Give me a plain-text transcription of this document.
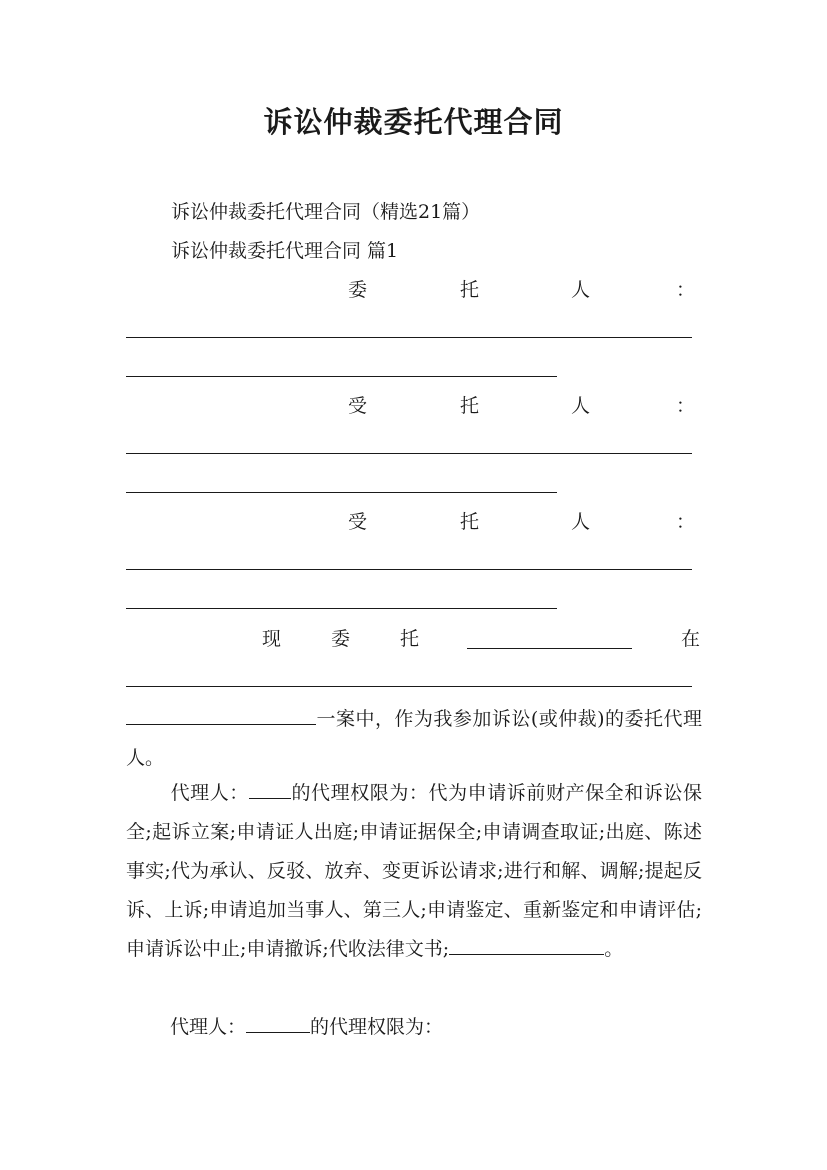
诉讼仲裁委托代理合同
诉讼仲裁委托代理合同（精选21篇）
诉讼仲裁委托代理合同 篇1
委	托	人	：
受	托	人	：
受	托	人	：
现	委	托	在

一案中，作为我参加诉讼(或仲裁)的委托代理人。

代理人： 的代理权限为：代为申请诉前财产保全和诉讼保全;起诉立案;申请证人出庭;申请证据保全;申请调查取证;出庭、陈述事实;代为承认、反驳、放弃、变更诉讼请求;进行和解、调解;提起反诉、上诉;申请追加当事人、第三人;申请鉴定、重新鉴定和申请评估;申请诉讼中止;申请撤诉;代收法律文书;	。

代理人：	的代理权限为：
